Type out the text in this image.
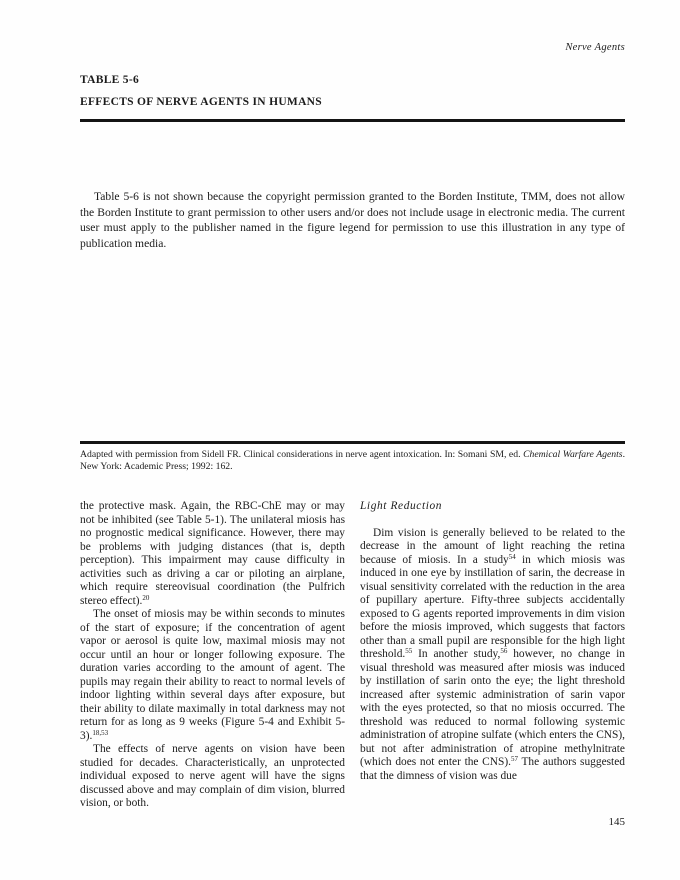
Nerve Agents
TABLE 5-6
EFFECTS OF NERVE AGENTS IN HUMANS

Table 5-6 is not shown because the copyright permission granted to the Borden Institute, TMM, does not allow the Borden Institute to grant permission to other users and/or does not include usage in electronic media. The current user must apply to the publisher named in the figure legend for permission to use this illustration in any type of publication media.

Adapted with permission from Sidell FR. Clinical considerations in nerve agent intoxication. In: Somani SM, ed. Chemical Warfare Agents. New York: Academic Press; 1992: 162.

the protective mask. Again, the RBC-ChE may or may not be inhibited (see Table 5-1). The unilateral miosis has no prognostic medical significance. However, there may be problems with judging distances (that is, depth perception). This impairment may cause difficulty in activities such as driving a car or piloting an airplane, which require stereovisual coordination (the Pulfrich stereo effect).$^{20}$

The onset of miosis may be within seconds to minutes of the start of exposure; if the concentration of agent vapor or aerosol is quite low, maximal miosis may not occur until an hour or longer following exposure. The duration varies according to the amount of agent. The pupils may regain their ability to react to normal levels of indoor lighting within several days after exposure, but their ability to dilate maximally in total darkness may not return for as long as 9 weeks (Figure 5-4 and Exhibit 5-3).$^{18,53}$

The effects of nerve agents on vision have been studied for decades. Characteristically, an unprotected individual exposed to nerve agent will have the signs discussed above and may complain of dim vision, blurred vision, or both.

Light Reduction

Dim vision is generally believed to be related to the decrease in the amount of light reaching the retina because of miosis. In a study$^{54}$ in which miosis was induced in one eye by instillation of sarin, the decrease in visual sensitivity correlated with the reduction in the area of pupillary aperture. Fifty-three subjects accidentally exposed to G agents reported improvements in dim vision before the miosis improved, which suggests that factors other than a small pupil are responsible for the high light threshold.$^{55}$ In another study,$^{56}$ however, no change in visual threshold was measured after miosis was induced by instillation of sarin onto the eye; the light threshold increased after systemic administration of sarin vapor with the eyes protected, so that no miosis occurred. The threshold was reduced to normal following systemic administration of atropine sulfate (which enters the CNS), but not after administration of atropine methylnitrate (which does not enter the CNS).$^{57}$ The authors suggested that the dimness of vision was due

145
